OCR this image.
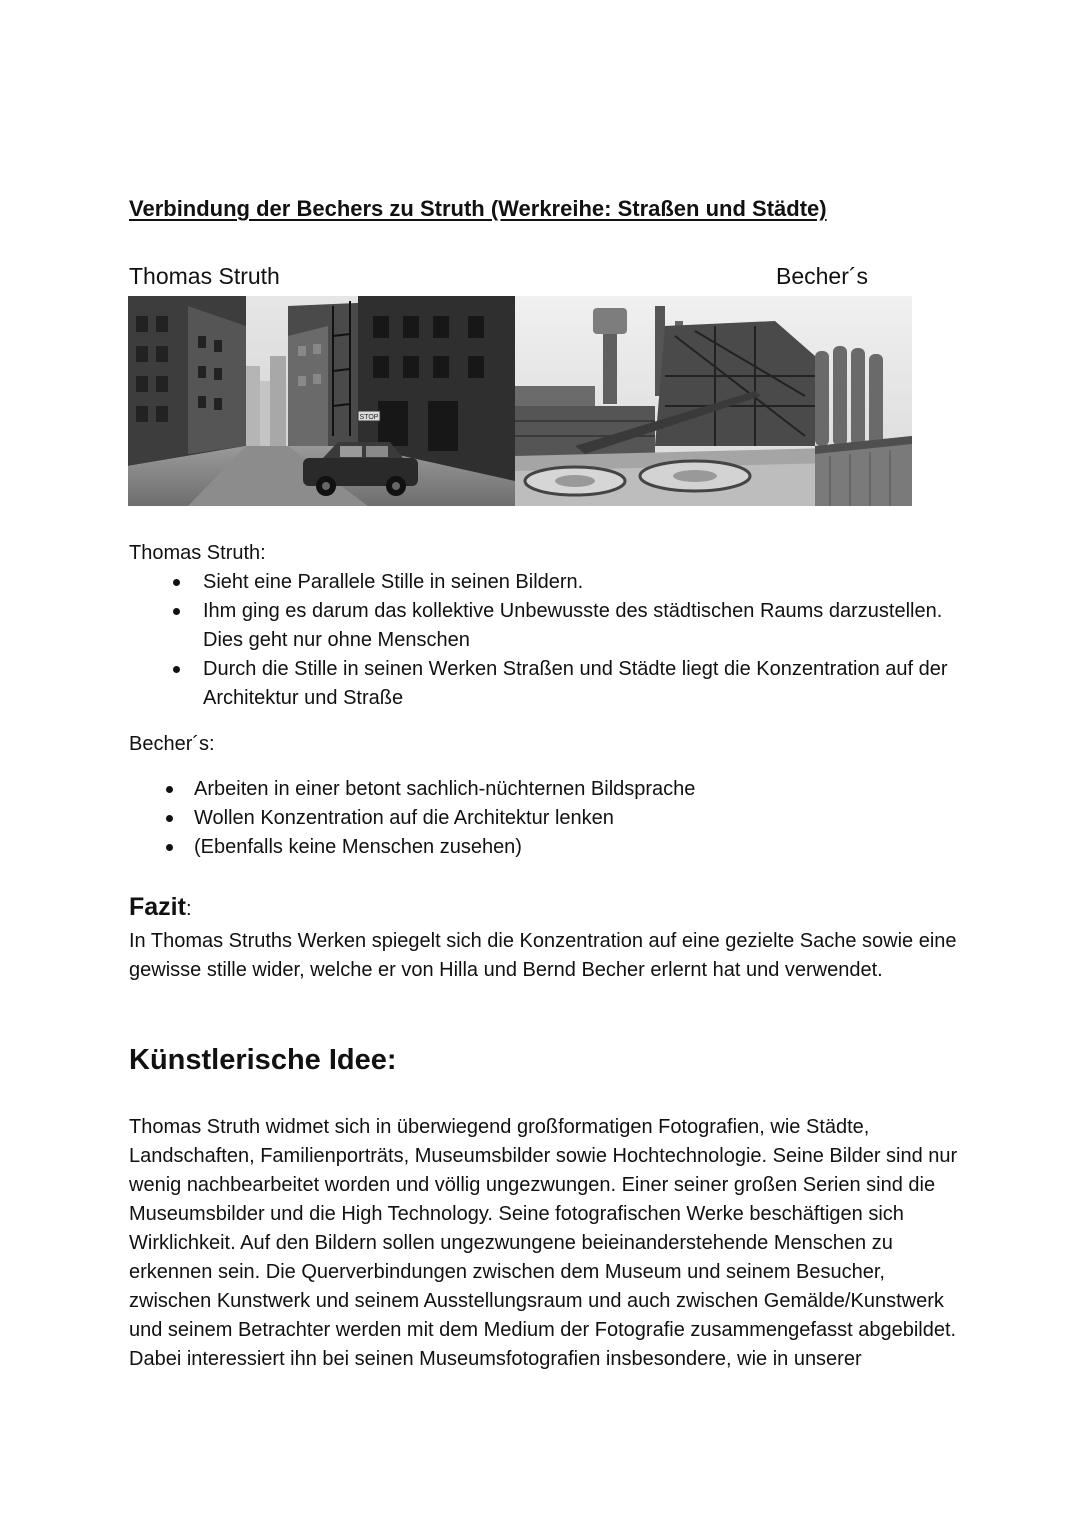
Verbindung der Bechers zu Struth (Werkreihe: Straßen und Städte)
Thomas Struth	Becher´s
STOP
Thomas Struth:
Sieht eine Parallele Stille in seinen Bildern.
Ihm ging es darum das kollektive Unbewusste des städtischen Raums darzustellen. Dies geht nur ohne Menschen
Durch die Stille in seinen Werken Straßen und Städte liegt die Konzentration auf der Architektur und Straße
Becher´s:
Arbeiten in einer betont sachlich-nüchternen Bildsprache
Wollen Konzentration auf die Architektur lenken
(Ebenfalls keine Menschen zusehen)
Fazit:
In Thomas Struths Werken spiegelt sich die Konzentration auf eine gezielte Sache sowie eine gewisse stille wider, welche er von Hilla und Bernd Becher erlernt hat und verwendet.
Künstlerische Idee:
Thomas Struth widmet sich in überwiegend großformatigen Fotografien, wie Städte, Landschaften, Familienporträts, Museumsbilder sowie Hochtechnologie. Seine Bilder sind nur wenig nachbearbeitet worden und völlig ungezwungen. Einer seiner großen Serien sind die Museumsbilder und die High Technology. Seine fotografischen Werke beschäftigen sich Wirklichkeit. Auf den Bildern sollen ungezwungene beieinanderstehende Menschen zu erkennen sein. Die Querverbindungen zwischen dem Museum und seinem Besucher, zwischen Kunstwerk und seinem Ausstellungsraum und auch zwischen Gemälde/Kunstwerk und seinem Betrachter werden mit dem Medium der Fotografie zusammengefasst abgebildet. Dabei interessiert ihn bei seinen Museumsfotografien insbesondere, wie in unserer
